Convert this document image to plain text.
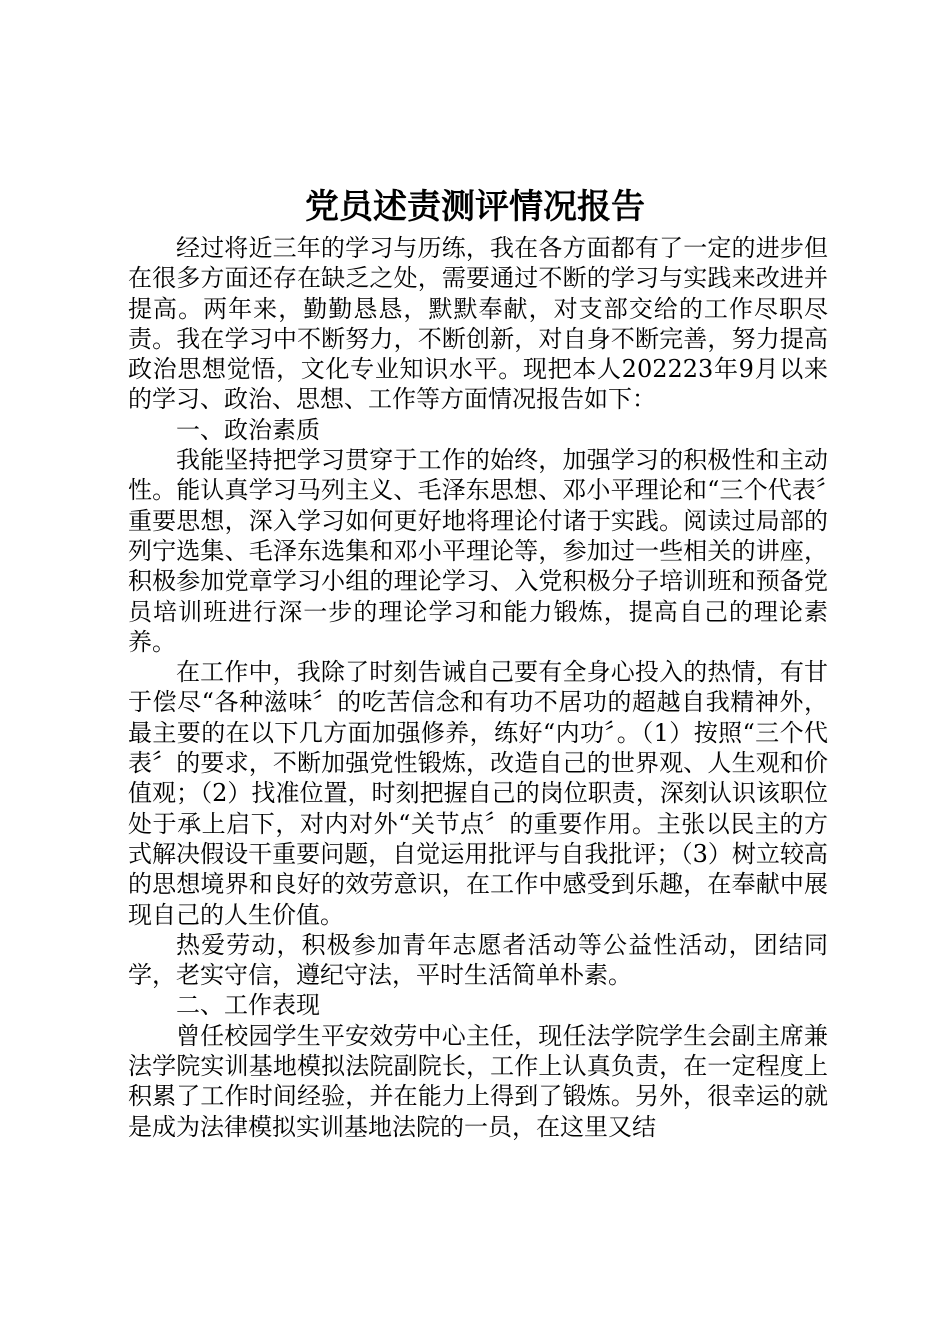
党员述责测评情况报告

经过将近三年的学习与历练，我在各方面都有了一定的进步但在很多方面还存在缺乏之处，需要通过不断的学习与实践来改进并提高。两年来，勤勤恳恳，默默奉献，对支部交给的工作尽职尽责。我在学习中不断努力，不断创新，对自身不断完善，努力提高政治思想觉悟，文化专业知识水平。现把本人202223年9月以来的学习、政治、思想、工作等方面情况报告如下：

一、政治素质

我能坚持把学习贯穿于工作的始终，加强学习的积极性和主动性。能认真学习马列主义、毛泽东思想、邓小平理论和“三个代表〞重要思想，深入学习如何更好地将理论付诸于实践。阅读过局部的列宁选集、毛泽东选集和邓小平理论等，参加过一些相关的讲座，积极参加党章学习小组的理论学习、入党积极分子培训班和预备党员培训班进行深一步的理论学习和能力锻炼，提高自己的理论素养。

在工作中，我除了时刻告诫自己要有全身心投入的热情，有甘于偿尽“各种滋味〞的吃苦信念和有功不居功的超越自我精神外，最主要的在以下几方面加强修养，练好“内功〞。（1）按照“三个代表〞的要求，不断加强党性锻炼，改造自己的世界观、人生观和价值观；（2）找准位置，时刻把握自己的岗位职责，深刻认识该职位处于承上启下，对内对外“关节点〞的重要作用。主张以民主的方式解决假设干重要问题，自觉运用批评与自我批评；（3）树立较高的思想境界和良好的效劳意识，在工作中感受到乐趣，在奉献中展现自己的人生价值。

热爱劳动，积极参加青年志愿者活动等公益性活动，团结同学，老实守信，遵纪守法，平时生活简单朴素。

二、工作表现

曾任校园学生平安效劳中心主任，现任法学院学生会副主席兼法学院实训基地模拟法院副院长，工作上认真负责，在一定程度上积累了工作时间经验，并在能力上得到了锻炼。另外，很幸运的就是成为法律模拟实训基地法院的一员，在这里又结
